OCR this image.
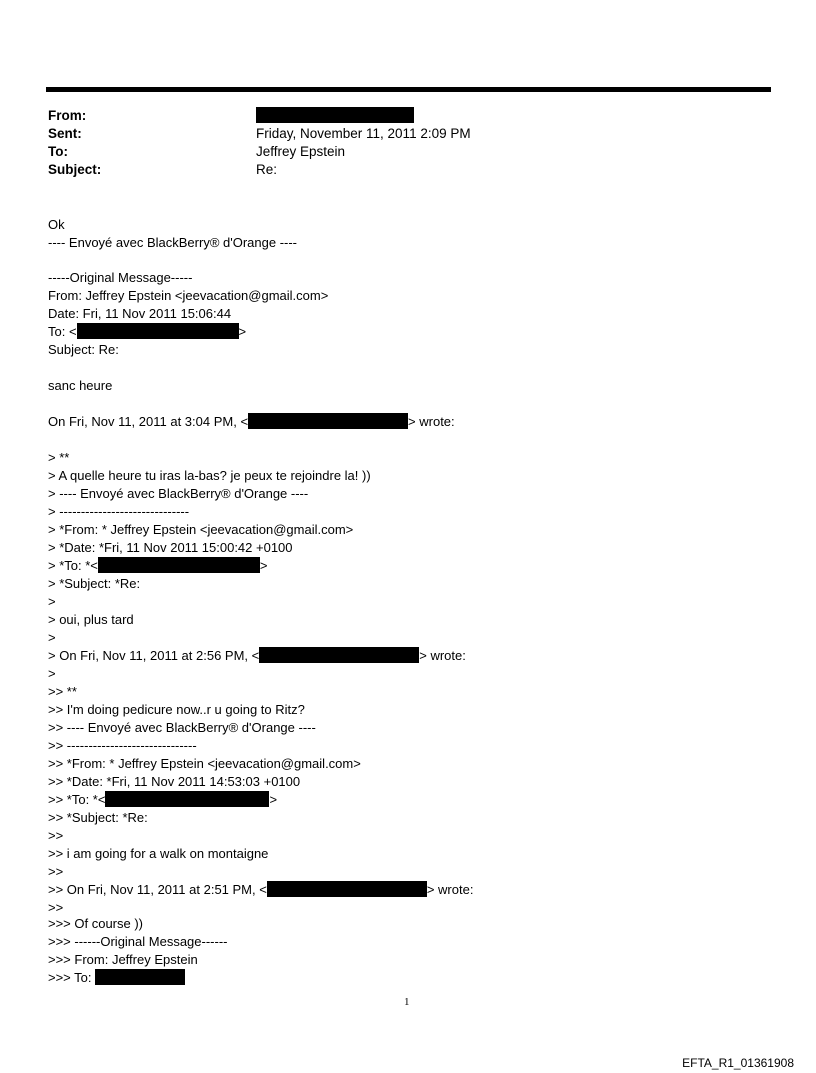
From:
Sent:	Friday, November 11, 2011 2:09 PM
To:	Jeffrey Epstein
Subject:	Re:
Ok
---- Envoyé avec BlackBerry® d'Orange ----
-----Original Message-----
From: Jeffrey Epstein <jeevacation@gmail.com>
Date: Fri, 11 Nov 2011 15:06:44
To: <	>
Subject: Re:
sanc heure
On Fri, Nov 11, 2011 at 3:04 PM, <	> wrote:
> **
> A quelle heure tu iras la-bas? je peux te rejoindre la! ))
> ---- Envoyé avec BlackBerry® d'Orange ----
> ------------------------------
> *From: * Jeffrey Epstein <jeevacation@gmail.com>
> *Date: *Fri, 11 Nov 2011 15:00:42 +0100
> *To: *<	>
> *Subject: *Re:
>
> oui, plus tard
>
> On Fri, Nov 11, 2011 at 2:56 PM, <	> wrote:
>
>> **
>> I'm doing pedicure now..r u going to Ritz?
>> ---- Envoyé avec BlackBerry® d'Orange ----
>> ------------------------------
>> *From: * Jeffrey Epstein <jeevacation@gmail.com>
>> *Date: *Fri, 11 Nov 2011 14:53:03 +0100
>> *To: *<	>
>> *Subject: *Re:
>>
>> i am going for a walk on montaigne
>>
>> On Fri, Nov 11, 2011 at 2:51 PM, <	> wrote:
>>
>>> Of course ))
>>> ------Original Message------
>>> From: Jeffrey Epstein
>>> To:
1
EFTA_R1_01361908
